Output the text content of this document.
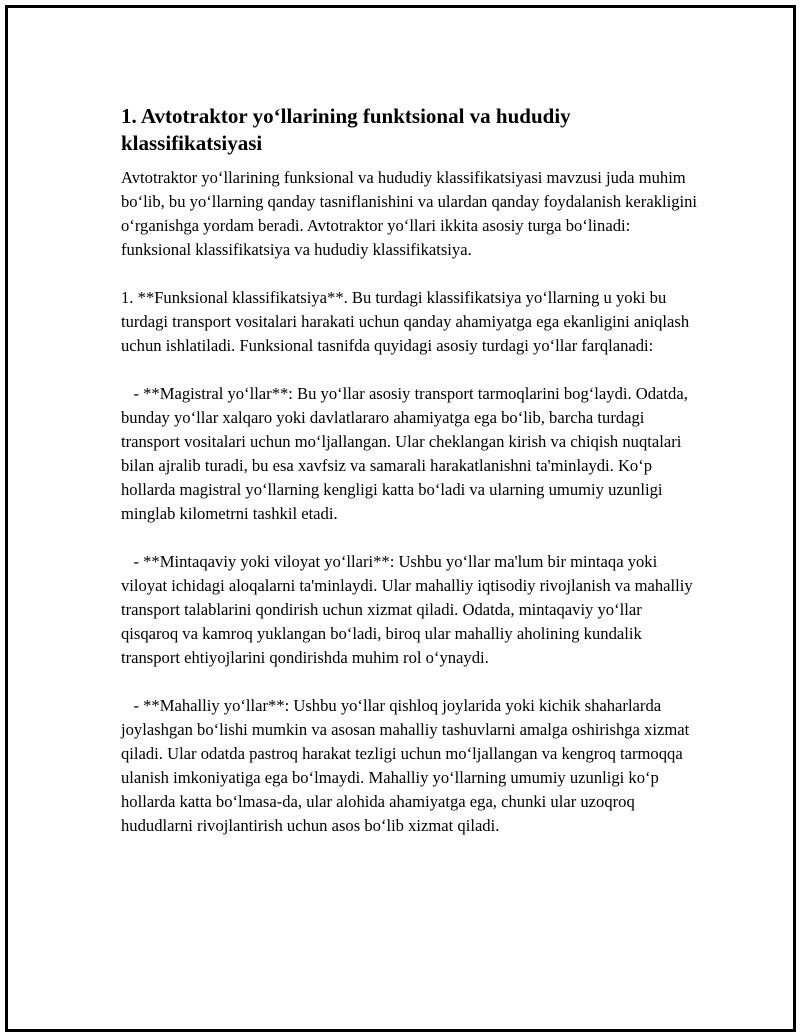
1. Avtotraktor yo‘llarining funktsional va hududiy klassifikatsiyasi
Avtotraktor yo‘llarining funksional va hududiy klassifikatsiyasi mavzusi juda muhim bo‘lib, bu yo‘llarning qanday tasniflanishini va ulardan qanday foydalanish kerakligini o‘rganishga yordam beradi. Avtotraktor yo‘llari ikkita asosiy turga bo‘linadi: funksional klassifikatsiya va hududiy klassifikatsiya.
1. **Funksional klassifikatsiya**. Bu turdagi klassifikatsiya yo‘llarning u yoki bu turdagi transport vositalari harakati uchun qanday ahamiyatga ega ekanligini aniqlash uchun ishlatiladi. Funksional tasnifda quyidagi asosiy turdagi yo‘llar farqlanadi:
- **Magistral yo‘llar**: Bu yo‘llar asosiy transport tarmoqlarini bog‘laydi. Odatda, bunday yo‘llar xalqaro yoki davlatlararo ahamiyatga ega bo‘lib, barcha turdagi transport vositalari uchun mo‘ljallangan. Ular cheklangan kirish va chiqish nuqtalari bilan ajralib turadi, bu esa xavfsiz va samarali harakatlanishni ta'minlaydi. Ko‘p hollarda magistral yo‘llarning kengligi katta bo‘ladi va ularning umumiy uzunligi minglab kilometrni tashkil etadi.
- **Mintaqaviy yoki viloyat yo‘llari**: Ushbu yo‘llar ma'lum bir mintaqa yoki viloyat ichidagi aloqalarni ta'minlaydi. Ular mahalliy iqtisodiy rivojlanish va mahalliy transport talablarini qondirish uchun xizmat qiladi. Odatda, mintaqaviy yo‘llar qisqaroq va kamroq yuklangan bo‘ladi, biroq ular mahalliy aholining kundalik transport ehtiyojlarini qondirishda muhim rol o‘ynaydi.
- **Mahalliy yo‘llar**: Ushbu yo‘llar qishloq joylarida yoki kichik shaharlarda joylashgan bo‘lishi mumkin va asosan mahalliy tashuvlarni amalga oshirishga xizmat qiladi. Ular odatda pastroq harakat tezligi uchun mo‘ljallangan va kengroq tarmoqqa ulanish imkoniyatiga ega bo‘lmaydi. Mahalliy yo‘llarning umumiy uzunligi ko‘p hollarda katta bo‘lmasa-da, ular alohida ahamiyatga ega, chunki ular uzoqroq hududlarni rivojlantirish uchun asos bo‘lib xizmat qiladi.
